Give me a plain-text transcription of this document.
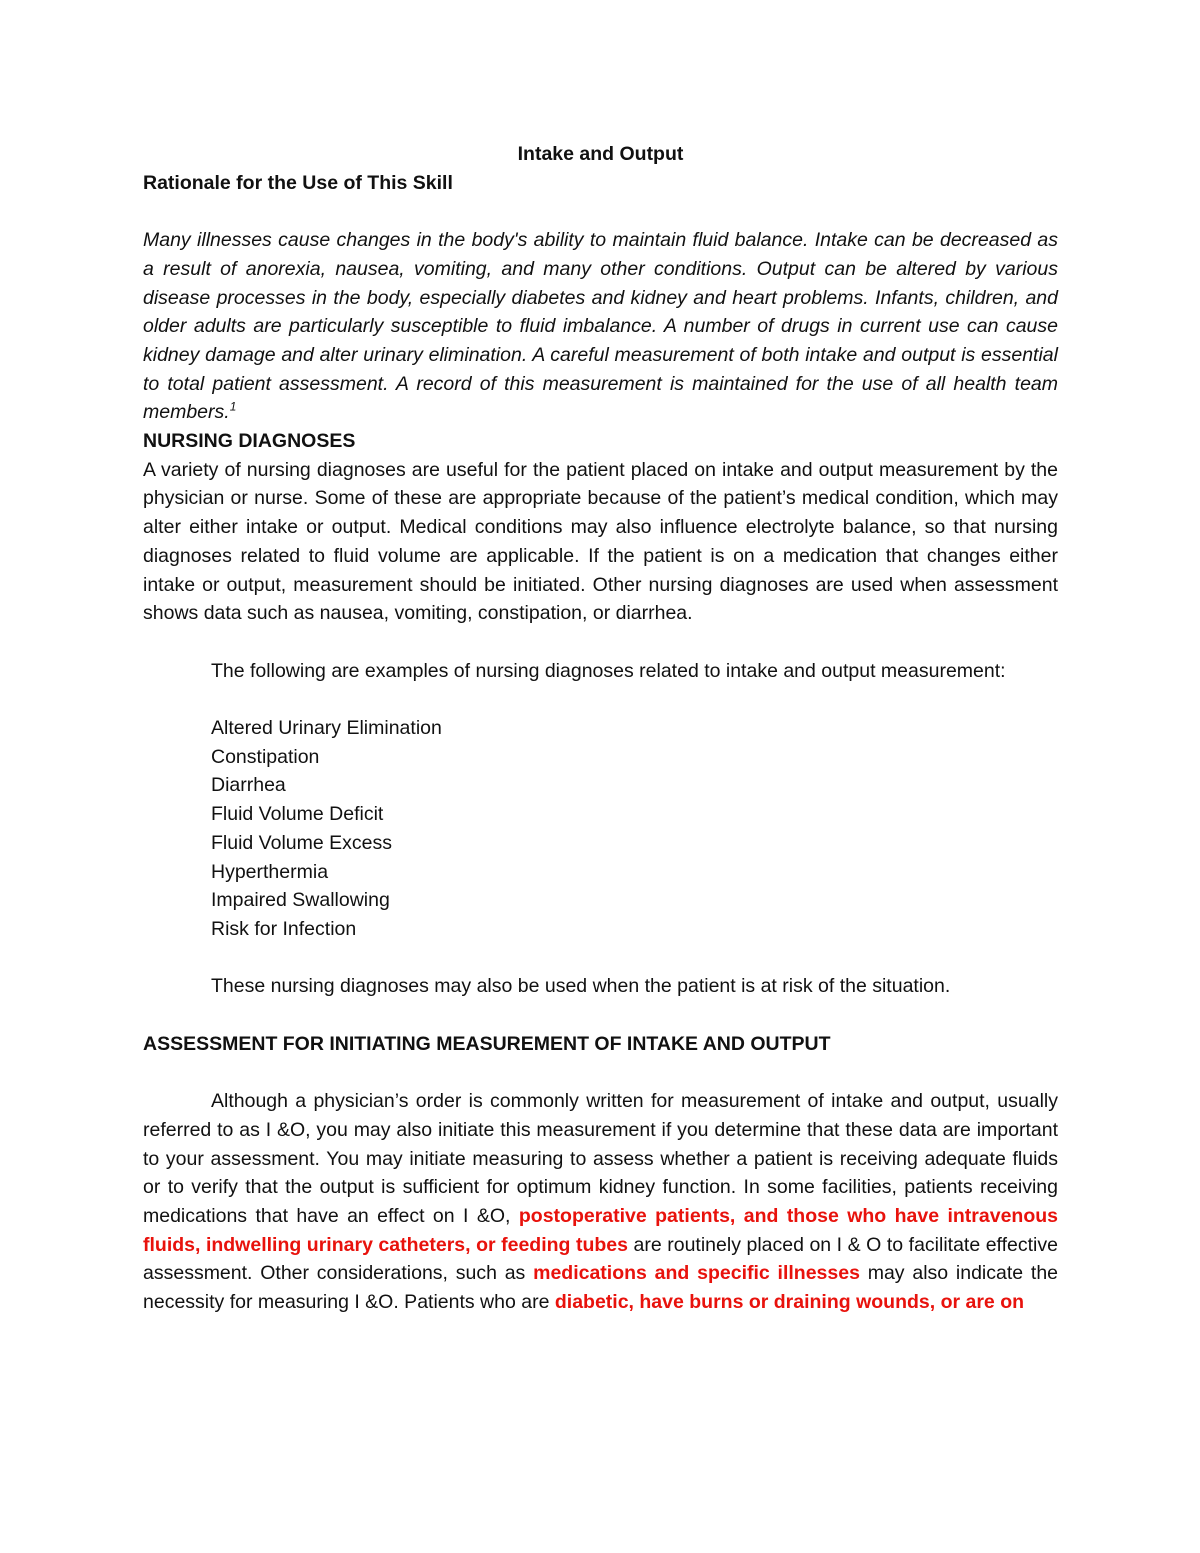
Intake and Output

Rationale for the Use of This Skill

Many illnesses cause changes in the body's ability to maintain fluid balance. Intake can be decreased as a result of anorexia, nausea, vomiting, and many other conditions. Output can be altered by various disease processes in the body, especially diabetes and kidney and heart problems. Infants, children, and older adults are particularly susceptible to fluid imbalance. A number of drugs in current use can cause kidney damage and alter urinary elimination. A careful measurement of both intake and output is essential to total patient assessment. A record of this measurement is maintained for the use of all health team members.$^1$

NURSING DIAGNOSES

A variety of nursing diagnoses are useful for the patient placed on intake and output measurement by the physician or nurse. Some of these are appropriate because of the patient’s medical condition, which may alter either intake or output. Medical conditions may also influence electrolyte balance, so that nursing diagnoses related to fluid volume are applicable. If the patient is on a medication that changes either intake or output, measurement should be initiated. Other nursing diagnoses are used when assessment shows data such as nausea, vomiting, constipation, or diarrhea.

The following are examples of nursing diagnoses related to intake and output measurement:

Altered Urinary Elimination
Constipation
Diarrhea
Fluid Volume Deficit
Fluid Volume Excess
Hyperthermia
Impaired Swallowing
Risk for Infection

These nursing diagnoses may also be used when the patient is at risk of the situation.

ASSESSMENT FOR INITIATING MEASUREMENT OF INTAKE AND OUTPUT

Although a physician’s order is commonly written for measurement of intake and output, usually referred to as I &O, you may also initiate this measurement if you determine that these data are important to your assessment. You may initiate measuring to assess whether a patient is receiving adequate fluids or to verify that the output is sufficient for optimum kidney function. In some facilities, patients receiving medications that have an effect on I &O, postoperative patients, and those who have intravenous fluids, indwelling urinary catheters, or feeding tubes are routinely placed on I & O to facilitate effective assessment. Other considerations, such as medications and specific illnesses may also indicate the necessity for measuring I &O. Patients who are diabetic, have burns or draining wounds, or are on
